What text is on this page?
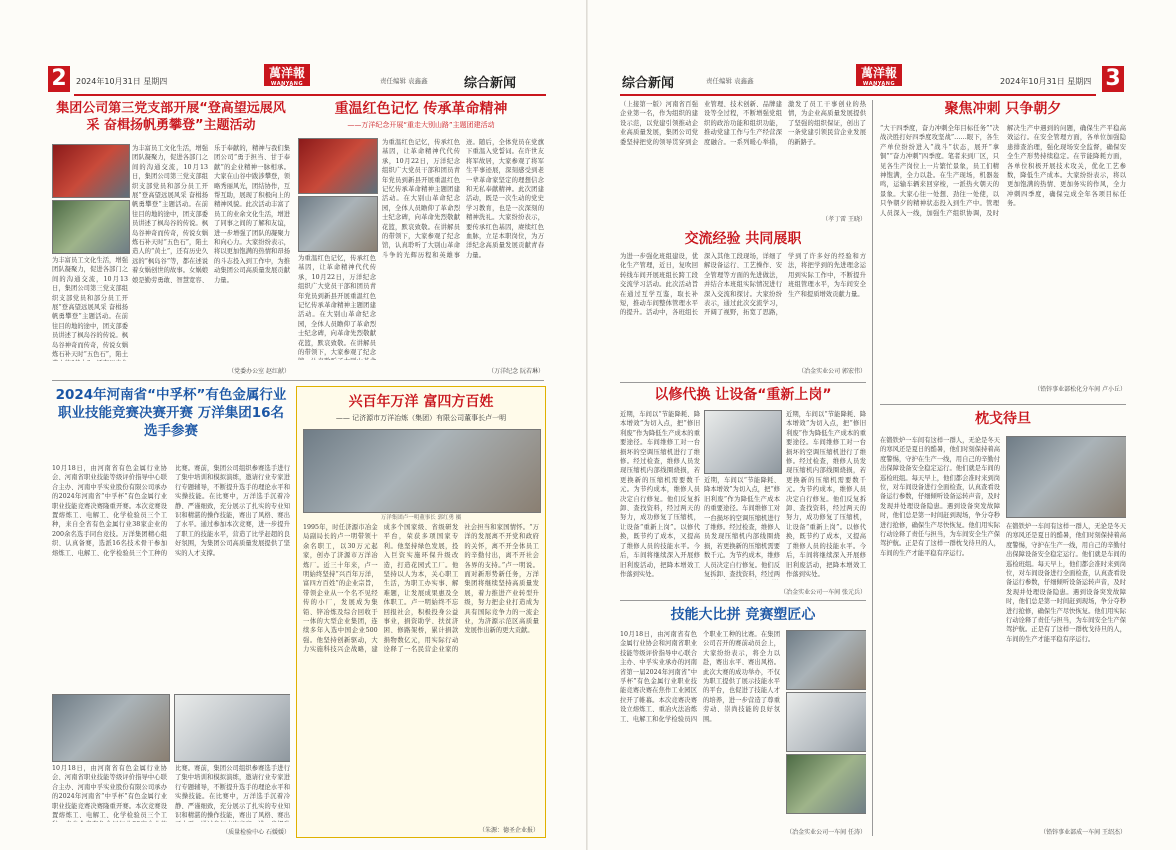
2	2024年10月31日 星期四
萬洋報
WANYANG BAO
责任编辑 袁鑫鑫	综合新闻
集团公司第三党支部开展“登高望远展风采 奋楫扬帆勇攀登”主题活动
为丰富员工文化生活，增强团队凝聚力，促进各部门之间的沟通交流，10月13日，集团公司第三党支部组织支部党员和部分员工开展“登高望远展风采 奋楫扬帆勇攀登”主题活动。在前往目的地的途中，团支部委员讲述了枫岛谷的传说。枫岛谷神奇而传奇，传说女娲炼石补天时“五色石”，陷土造人的“黄土”，还有历史久远的“枫岛谷”等，都在述说着女娲创世的故事。女娲娘娘是勤劳勇敢、智慧宽容、乐于奉献的，精神与我们集团公司“勇于担当、甘于奉献”的企业精神一脉相承。大家在山谷中跋涉攀登，领略秀丽风光，团结协作，互帮互助，展现了积极向上的精神风貌。此次活动丰富了员工的业余文化生活，增进了同事之间的了解和友谊，进一步增强了团队的凝聚力和向心力。大家纷纷表示，将以更加饱满的热情和昂扬的斗志投入到工作中，为推动集团公司高质量发展贡献力量。
为丰富员工文化生活，增强团队凝聚力，促进各部门之间的沟通交流，10月13日，集团公司第三党支部组织支部党员和部分员工开展“登高望远展风采 奋楫扬帆勇攀登”主题活动。在前往目的地的途中，团支部委员讲述了枫岛谷的传说。枫岛谷神奇而传奇，传说女娲炼石补天时“五色石”，陷土
（党委办公室 赵红献）
重温红色记忆 传承革命精神
——万洋纪念开展“重走大别山路”主题团建活动
为重温红色记忆，传承红色基因，让革命精神代代传承，10月22日，万洋纪念组织广大党员干部和团员青年党员到新县开展重温红色记忆传承革命精神主题团建活动。在大别山革命纪念园，全体人员瞻仰了革命烈士纪念碑，向革命先烈敬献花篮，默哀致敬。在讲解员的带领下，大家参观了纪念馆，认真聆听了大别山革命斗争的光辉历程和英雄事迹。随后，全体党员在党旗下重温入党誓词。在许世友将军故居，大家参观了将军生平事迹展，深刻感受到老一辈革命家坚定的理想信念和无私奉献精神。此次团建活动，既是一次生动的党史学习教育，也是一次深刻的精神洗礼。大家纷纷表示，要传承红色基因，赓续红色血脉，立足本职岗位，为万洋纪念高质量发展贡献青春力量。
为重温红色记忆，传承红色基因，让革命精神代代传承，10月22日，万洋纪念组织广大党员干部和团员青年党员到新县开展重温红色记忆传承革命精神主题团建活动。在大别山革命纪念园，全体人员瞻仰了革命烈士纪念碑，向革命先烈敬献花篮，默哀致敬。在讲解员的带领下，大家参观了纪念
（万洋纪念 阮若琳）
2024年河南省“中孚杯”有色金属行业职业技能竞赛决赛开赛 万洋集团16名选手参赛
10月18日，由河南省有色金属行业协会、河南省职业技能等级评价指导中心联合主办、河南中孚实业股份有限公司承办的2024年河南省“中孚杯”有色金属行业职业技能竞赛决赛隆重开赛。本次竞赛设置熔炼工、电解工、化学检验员三个工种，来自全省有色金属行业38家企业的200余名选手同台竞技。万洋集团精心组织、认真备赛，选派16名技术骨干参加熔炼工、电解工、化学检验员三个工种的比赛。赛前，集团公司组织参赛选手进行了集中培训和模拟演练，邀请行业专家进行专题辅导，不断提升选手的理论水平和实操技能。在比赛中，万洋选手沉着冷静、严谨细致，充分展示了扎实的专业知识和精湛的操作技能，赛出了风格、赛出了水平。通过参加本次竞赛，进一步提升了职工的技能水平，营造了比学赶超的良好氛围，为集团公司高质量发展提供了坚实的人才支撑。
10月18日，由河南省有色金属行业协会、河南省职业技能等级评价指导中心联合主办、河南中孚实业股份有限公司承办的2024年河南省“中孚杯”有色金属行业职业技能竞赛决赛隆重开赛。本次竞赛设置熔炼工、电解工、化学检验员三个工 比赛。赛前，集团公司组织参赛选手进行了集中培训和模拟演练，邀请行业专家进行专题辅导，不断提升选手的理论水平和实操技能。在比赛中，万洋选手沉着冷静、严谨细致，充分展示了扎实的专业知识和精湛的操作技能，赛出了风格、赛出
（质量检验中心 石媛媛）
兴百年万洋 富四方百姓
—— 记济源市万洋冶炼（集团）有限公司董事长卢一明
万洋集团卢一明董事长 郭红勇 摄
1995年，时任济源市冶金局副局长的卢一明带领十余名职工，以30万元起家，创办了济源市万洋冶炼厂。近三十年来，卢一明始终坚持“兴百年万洋，富四方百姓”的企业宗旨，带领企业从一个名不见经传的小厂，发展成为集铅、锌冶炼及综合回收于一体的大型企业集团，连续多年入选中国企业500强。他坚持创新驱动，大力实施科技兴企战略，建成多个国家级、省级研发平台，荣获多项国家专利。他坚持绿色发展，投入巨资实施环保升级改造，打造花园式工厂。他坚持以人为本，关心职工生活，为职工办实事、解难题，让发展成果惠及全体职工。卢一明始终不忘回报社会，积极投身公益事业，捐资助学、扶贫济困、修路架桥，累计捐款捐物数亿元，用实际行动诠释了一名民营企业家的社会担当和家国情怀。“万洋的发展离不开党和政府的关怀，离不开全体员工的辛勤付出，离不开社会各界的支持。”卢一明说。面对新形势新任务，万洋集团将继续坚持高质量发展，着力推进产业转型升级，努力把企业打造成为具有国际竞争力的一流企业，为济源示范区高质量发展作出新的更大贡献。
（朱源：德圣企业报）
综合新闻	责任编辑 袁鑫鑫
萬洋報
WANYANG BAO
2024年10月31日 星期四 3
（上接第一版）河南省百强企业第一名，作为组织的建设示范，以党建引领推动企业高质量发展，集团公司党委坚持把党的领导贯穿到企业管理、技术创新、品牌建设等全过程，不断增强党组织的政治功能和组织功能，推动党建工作与生产经营深度融合。一系列暖心举措，激发了员工干事创业的热情，为企业高质量发展提供了坚强的组织保证，创出了一条党建引领民营企业发展的新路子。
（孝丁雷 王晓）
交流经验 共同展职
为进一步强化班组建设，优化生产管理，近日，复吹回转线车间开展班组长跨工段交流学习活动。此次活动旨在通过互学互鉴，取长补短，推动车间整体管理水平的提升。活动中，各班组长深入其他工段现场，详细了解设备运行、工艺操作、安全管理等方面的先进做法，并结合本班组实际情况进行深入交流和探讨。大家纷纷表示，通过此次交流学习，开阔了视野，拓宽了思路，学到了许多好的经验和方法，将把学到的先进理念运用到实际工作中，不断提升班组管理水平，为车间安全生产和提质增效贡献力量。
（冶金实业公司 郭宏伟）
以修代换 让设备“重新上岗”
近期，车间以“节能降耗、降本增效”为切入点，把“修旧利废”作为降低生产成本的重要途径。车间维修工对一台损坏的空调压缩机进行了维修。经过检查，维修人员发现压缩机内部线圈烧损，若更换新的压缩机需要数千元。为节约成本，维修人员决定自行修复。他们反复拆卸、查找资料，经过两天的努力，成功修复了压缩机，让设备“重新上岗”。以修代换，既节约了成本，又提高了维修人员的技能水平。今后，车间将继续深入开展修旧利废活动，把降本增效工作落到实处。
近期，车间以“节能降耗、降本增效”为切入点，把“修旧利废”作为降低生产成本的重要途径。车间维修工对一台损坏的空调压缩机进行了维修。经过检查，维修人员发现压缩机内部线圈烧损，若更换新的压缩机需要数千元。为节约成本，维修人员决定自行修复。他们反复拆卸、查找资料，经过两天的努力，成功修复了压缩机，让设备“重新上岗”。以修代换，既节约了成本，又提高了维修人员的技能水平。今后，车间将继续深入开展修旧利废活动，把降本增效工作落到实处。
近期，车间以“节能降耗、降本增效”为切入点，把“修旧利废”作为降低生产成本的重要途径。车间维修工对一台损坏的空调压缩机进行了维修。经过检查，维修人员发现压缩机内部线圈烧损，若更换新的压缩机需要数千元。为节约成本，维修人员决定自行修复。他们反复拆卸、查找资料，经过两
（冶金实业公司一车间 张元兵）
技能大比拼 竞赛塑匠心
10月18日，由河南省有色金属行业协会和河南省职业技能等级评价指导中心联合主办、中孚实业承办的河南省第一届2024年河南省“中孚杯”有色金属行业职业技能竞赛决赛在焦作工业园区拉开了帷幕。本次竞赛决赛设立熔炼工、重冶火法冶炼工、电解工和化学检验员四个职业工种的比赛。在集团公司召开的赛前动员会上，大家纷纷表示，将全力以赴，赛出水平、赛出风格。此次大赛的成功举办，不仅为职工提供了展示技能水平的平台，也促进了技能人才的培养，进一步营造了尊重劳动、崇尚技能的良好氛围。
（冶金实业公司一车间 任涛）
聚焦冲刺 只争朝夕
“大干四季度，奋力冲刺全年目标任务”“决战决胜打好四季度攻坚战”……眼下，各生产单位纷纷进入“战斗”状态，展开“拿铜”“奋力冲刺”四季度。笔者来到厂区，只见各生产岗位上一片繁忙景象，员工们精神饱满，全力以赴。在生产现场，机器轰鸣，运输车辆来回穿梭，一派热火朝天的景象。大家心往一处想、劲往一处使，以只争朝夕的精神状态投入到生产中。管理人员深入一线，加强生产组织协调，及时解决生产中遇到的问题，确保生产平稳高效运行。在安全管理方面，各单位加强隐患排查治理，强化现场安全监督，确保安全生产形势持续稳定。在节能降耗方面，各单位积极开展技术攻关，优化工艺参数，降低生产成本。大家纷纷表示，将以更加饱满的热情、更加务实的作风，全力冲刺四季度，确保完成全年各项目标任务。
（铅锌事业部松化分车间 卢小丘）
枕戈待旦
在锻铁炉一车间有这样一群人，无论是冬天的寒风还是夏日的酷暑，他们时刻保持着高度警惕，守护在生产一线，用自己的辛勤付出保障设备安全稳定运行。他们就是车间的巡检班组。每天早上，他们都会准时来到岗位，对车间设备进行全面检查，认真查看设备运行参数，仔细倾听设备运转声音，及时发现并处理设备隐患。遇到设备突发故障时，他们总是第一时间赶到现场，争分夺秒进行抢修，确保生产尽快恢复。他们用实际行动诠释了责任与担当，为车间安全生产保驾护航。正是有了这样一群枕戈待旦的人，车间的生产才能平稳有序运行。
在锻铁炉一车间有这样一群人，无论是冬天的寒风还是夏日的酷暑，他们时刻保持着高度警惕，守护在生产一线，用自己的辛勤付出保障设备安全稳定运行。他们就是车间的巡检班组。每天早上，他们都会准时来到岗位，对车间设备进行全面检查，认真查看设备运行参数，仔细倾听设备运转声音，及时发现并处理设备隐患。遇到设备突发故障时，他们总是第一时间赶到现场，争分夺秒进行抢修，确保生产尽快恢复。他们用实际行动诠释了责任与担当，为车间安全生产保驾护航。正是有了这样一群枕戈待旦的人，车间的生产才能平稳有序运行。
（铅锌事业部成一车间 王绍杰）
